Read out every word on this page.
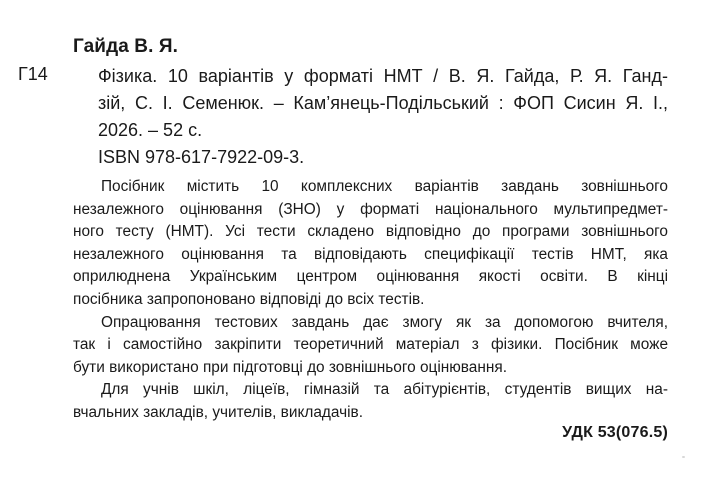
Гайда В. Я.
Г14	Фізика. 10 варіантів у форматі НМТ / В. Я. Гайда, Р. Я. Ганд-
зій, С. І. Семенюк. – Кам’янець-Подільський : ФОП Сисин Я. І.,
2026. – 52 с.
ISBN 978-617-7922-09-3.
Посібник містить 10 комплексних варіантів завдань зовнішнього
незалежного оцінювання (ЗНО) у форматі національного мультипредмет-
ного тесту (НМТ). Усі тести складено відповідно до програми зовнішнього
незалежного оцінювання та відповідають специфікації тестів НМТ, яка
оприлюднена Українським центром оцінювання якості освіти. В кінці
посібника запропоновано відповіді до всіх тестів.
Опрацювання тестових завдань дає змогу як за допомогою вчителя,
так і самостійно закріпити теоретичний матеріал з фізики. Посібник може
бути використано при підготовці до зовнішнього оцінювання.
Для учнів шкіл, ліцеїв, гімназій та абітурієнтів, студентів вищих на-
вчальних закладів, учителів, викладачів.
УДК 53(076.5)
